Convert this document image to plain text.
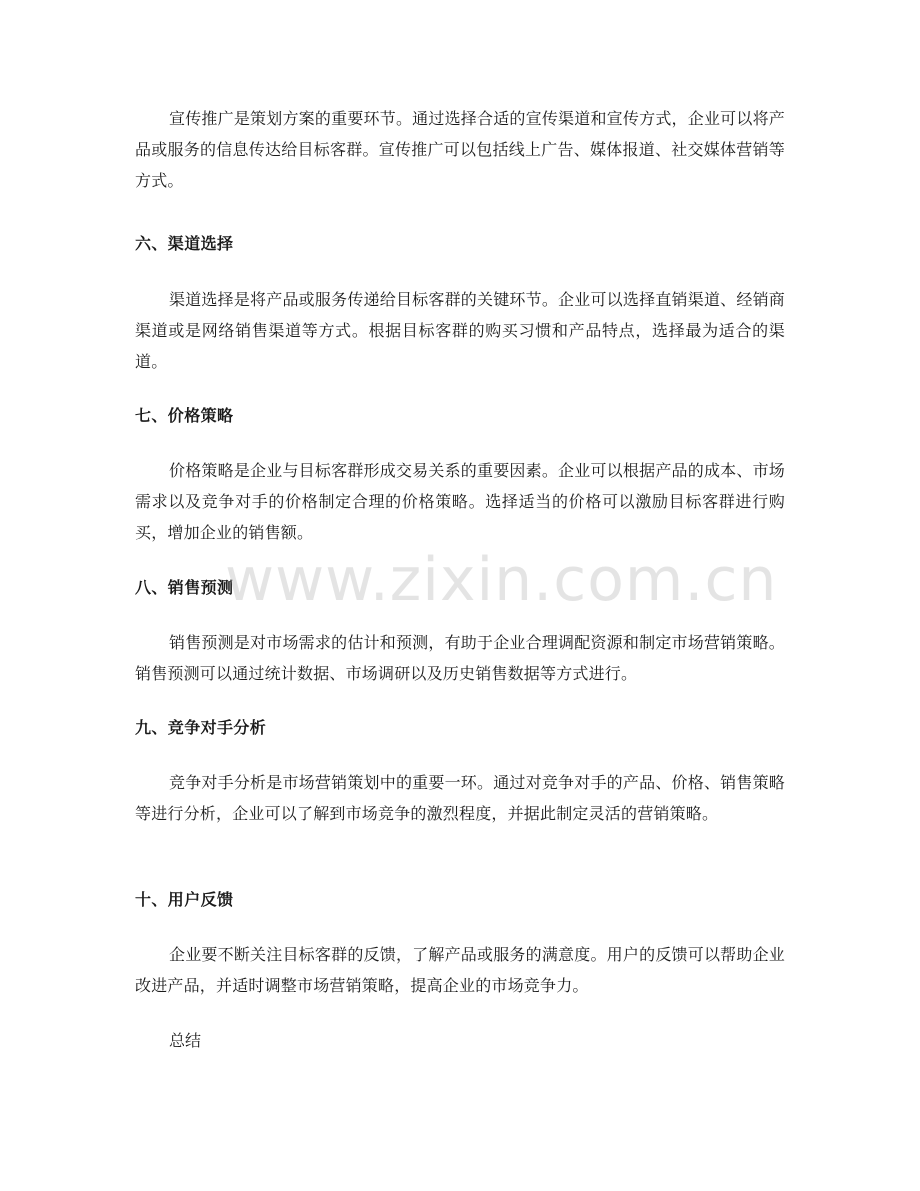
宣传推广是策划方案的重要环节。通过选择合适的宣传渠道和宣传方式，企业可以将产品或服务的信息传达给目标客群。宣传推广可以包括线上广告、媒体报道、社交媒体营销等方式。
六、渠道选择
渠道选择是将产品或服务传递给目标客群的关键环节。企业可以选择直销渠道、经销商渠道或是网络销售渠道等方式。根据目标客群的购买习惯和产品特点，选择最为适合的渠道。
七、价格策略
价格策略是企业与目标客群形成交易关系的重要因素。企业可以根据产品的成本、市场需求以及竞争对手的价格制定合理的价格策略。选择适当的价格可以激励目标客群进行购买，增加企业的销售额。
八、销售预测
销售预测是对市场需求的估计和预测，有助于企业合理调配资源和制定市场营销策略。销售预测可以通过统计数据、市场调研以及历史销售数据等方式进行。
九、竞争对手分析
竞争对手分析是市场营销策划中的重要一环。通过对竞争对手的产品、价格、销售策略等进行分析，企业可以了解到市场竞争的激烈程度，并据此制定灵活的营销策略。
十、用户反馈
企业要不断关注目标客群的反馈，了解产品或服务的满意度。用户的反馈可以帮助企业改进产品，并适时调整市场营销策略，提高企业的市场竞争力。
总结
www.zixin.com.cn
